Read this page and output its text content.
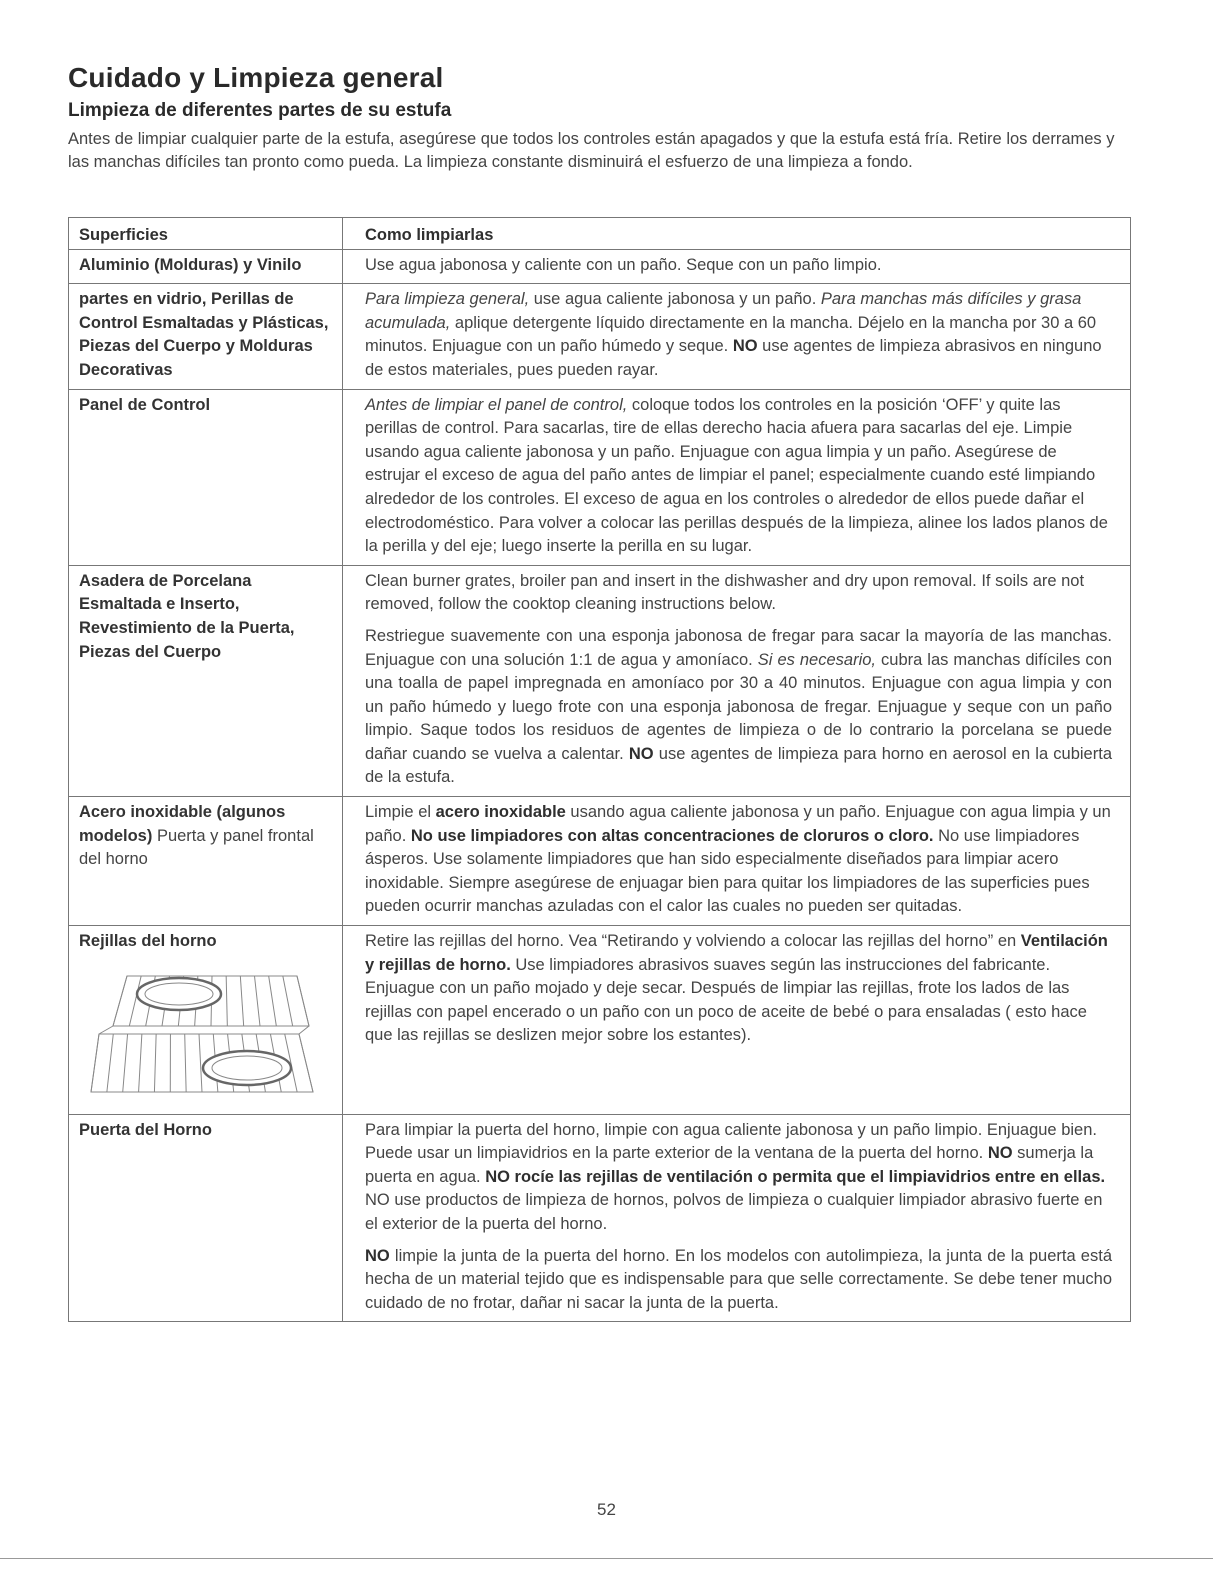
Cuidado y Limpieza general
Limpieza de diferentes partes de su estufa

Antes de limpiar cualquier parte de la estufa, asegúrese que todos los controles están apagados y que la estufa está fría. Retire los derrames y las manchas difíciles tan pronto como pueda. La limpieza constante disminuirá el esfuerzo de una limpieza a fondo.

Superficies	Como limpiarlas
Aluminio (Molduras) y Vinilo	Use agua jabonosa y caliente con un paño. Seque con un paño limpio.

partes en vidrio, Perillas de Control Esmaltadas y Plásticas, Piezas del Cuerpo y Molduras Decorativas	Para limpieza general, use agua caliente jabonosa y un paño. Para manchas más difíciles y grasa acumulada, aplique detergente líquido directamente en la mancha. Déjelo en la mancha por 30 a 60 minutos. Enjuague con un paño húmedo y seque. NO use agentes de limpieza abrasivos en ninguno de estos materiales, pues pueden rayar.

Panel de Control	Antes de limpiar el panel de control, coloque todos los controles en la posición ‘OFF’ y quite las perillas de control. Para sacarlas, tire de ellas derecho hacia afuera para sacarlas del eje. Limpie usando agua caliente jabonosa y un paño. Enjuague con agua limpia y un paño. Asegúrese de estrujar el exceso de agua del paño antes de limpiar el panel; especialmente cuando esté limpiando alrededor de los controles. El exceso de agua en los controles o alrededor de ellos puede dañar el electrodoméstico. Para volver a colocar las perillas después de la limpieza, alinee los lados planos de la perilla y del eje; luego inserte la perilla en su lugar.

Asadera de Porcelana Esmaltada e Inserto, Revestimiento de la Puerta, Piezas del Cuerpo	Clean burner grates, broiler pan and insert in the dishwasher and dry upon removal. If soils are not removed, follow the cooktop cleaning instructions below.

Restriegue suavemente con una esponja jabonosa de fregar para sacar la mayoría de las manchas. Enjuague con una solución 1:1 de agua y amoníaco. Si es necesario, cubra las manchas difíciles con una toalla de papel impregnada en amoníaco por 30 a 40 minutos. Enjuague con agua limpia y con un paño húmedo y luego frote con una esponja jabonosa de fregar. Enjuague y seque con un paño limpio. Saque todos los residuos de agentes de limpieza o de lo contrario la porcelana se puede dañar cuando se vuelva a calentar. NO use agentes de limpieza para horno en aerosol en la cubierta de la estufa.

Acero inoxidable (algunos modelos) Puerta y panel frontal del horno	Limpie el acero inoxidable usando agua caliente jabonosa y un paño. Enjuague con agua limpia y un paño. No use limpiadores con altas concentraciones de cloruros o cloro. No use limpiadores ásperos. Use solamente limpiadores que han sido especialmente diseñados para limpiar acero inoxidable. Siempre asegúrese de enjuagar bien para quitar los limpiadores de las superficies pues pueden ocurrir manchas azuladas con el calor las cuales no pueden ser quitadas.

Rejillas del horno	Retire las rejillas del horno. Vea “Retirando y volviendo a colocar las rejillas del horno” en Ventilación y rejillas de horno. Use limpiadores abrasivos suaves según las instrucciones del fabricante. Enjuague con un paño mojado y deje secar. Después de limpiar las rejillas, frote los lados de las rejillas con papel encerado o un paño con un poco de aceite de bebé o para ensaladas ( esto hace que las rejillas se deslizen mejor sobre los estantes).

Puerta del Horno	Para limpiar la puerta del horno, limpie con agua caliente jabonosa y un paño limpio. Enjuague bien. Puede usar un limpiavidrios en la parte exterior de la ventana de la puerta del horno. NO sumerja la puerta en agua. NO rocíe las rejillas de ventilación o permita que el limpiavidrios entre en ellas. NO use productos de limpieza de hornos, polvos de limpieza o cualquier limpiador abrasivo fuerte en el exterior de la puerta del horno.

NO limpie la junta de la puerta del horno. En los modelos con autolimpieza, la junta de la puerta está hecha de un material tejido que es indispensable para que selle correctamente. Se debe tener mucho cuidado de no frotar, dañar ni sacar la junta de la puerta.

52
